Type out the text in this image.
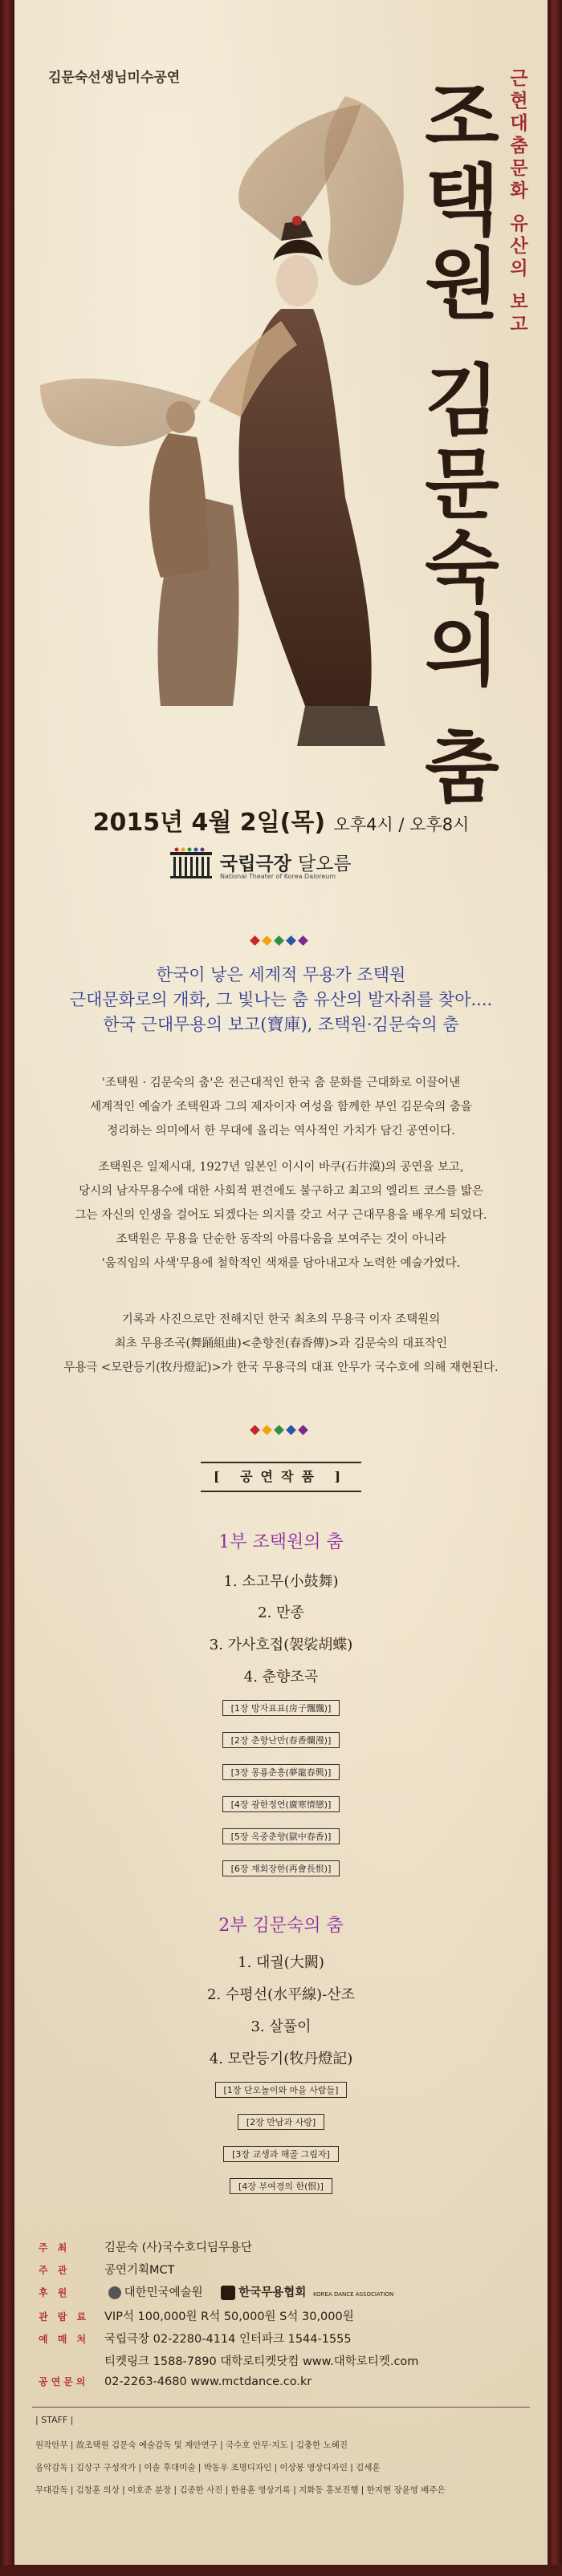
김문숙선생님미수공연	조택원 김문숙의 춤 근현대춤문화 유산의 보고
2015년 4월 2일(목) 오후4시 / 오후8시
국립극장 달오름
National Theater of Korea Daloreum
한국이 낳은 세계적 무용가 조택원
근대문화로의 개화, 그 빛나는 춤 유산의 발자취를 찾아....
한국 근대무용의 보고(寶庫), 조택원·김문숙의 춤
'조택원 · 김문숙의 춤'은 전근대적인 한국 춤 문화를 근대화로 이끌어낸
세계적인 예술가 조택원과 그의 제자이자 여성을 함께한 부인 김문숙의 춤을
정리하는 의미에서 한 무대에 올리는 역사적인 가치가 담긴 공연이다.
조택원은 일제시대, 1927년 일본인 이시이 바쿠(石井漠)의 공연을 보고,
당시의 남자무용수에 대한 사회적 편견에도 불구하고 최고의 엘리트 코스를 밟은
그는 자신의 인생을 걸어도 되겠다는 의지를 갖고 서구 근대무용을 배우게 되었다.
조택원은 무용을 단순한 동작의 아름다움을 보여주는 것이 아니라
'움직임의 사색'무용에 철학적인 색채를 담아내고자 노력한 예술가였다.
기록과 사진으로만 전해지던 한국 최초의 무용극 이자 조택원의
최초 무용조곡(舞踊組曲)<춘향전(春香傳)>과 김문숙의 대표작인
무용극 <모란등기(牧丹燈記)>가 한국 무용극의 대표 안무가 국수호에 의해 재현된다.
[ 공연작품 ]
1부 조택원의 춤
1. 소고무(小鼓舞)
2. 만종
3. 가사호접(袈裟胡蝶)
4. 춘향조곡
[1장 방자표표(房子飄飄)]
[2장 춘향난만(春香爛漫)]
[3장 몽룡춘흥(夢龍春興)]
[4장 광한정연(廣寒情戀)]
[5장 옥중춘향(獄中春香)]
[6장 재회장한(再會長恨)]
2부 김문숙의 춤
1. 대궐(大闕)
2. 수평선(水平線)-산조
3. 살풀이
4. 모란등기(牧丹燈記)
[1장 단오놀이와 마을 사람들]
[2장 만남과 사랑]
[3장 교생과 해골 그림자]
[4장 부여경의 한(恨)]
주 최	김문숙 (사)국수호디딤무용단
주 관	공연기획MCT
후 원	대한민국예술원	한국무용협회 KOREA DANCE ASSOCIATION
관 람 료 VIP석 100,000원 R석 50,000원 S석 30,000원
예 매 처 국립극장 02-2280-4114 인터파크 1544-1555
티켓링크 1588-7890 대학로티켓닷컴 www.대학로티켓.com
공연문의 02-2263-4680 www.mctdance.co.kr
| STAFF |
원작안무 | 故조택원 김문숙 예술감독 및 재안연구 | 국수호 안무·지도 | 김충한 노혜진
음악감독 | 김상구 구성작가 | 이솔 후대미술 | 박동우 조명디자인 | 이상봉 영상디자인 | 김세훈
무대감독 | 김창훈 의상 | 이호준 분장 | 김종한 사진 | 한용훈 영상기록 | 지화동 홍보진행 | 한지현 장윤영 배주은
